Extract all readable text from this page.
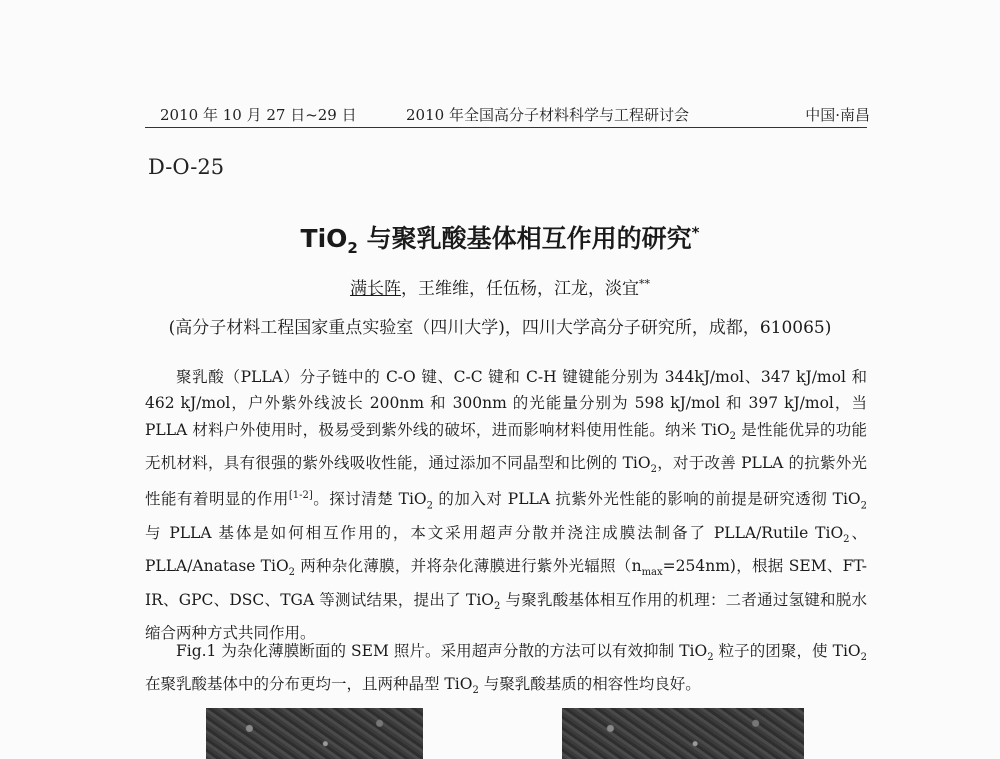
2010 年 10 月 27 日~29 日	2010 年全国高分子材料科学与工程研讨会	中国·南昌
D-O-25
TiO$_2$ 与聚乳酸基体相互作用的研究*
满长阵，王维维，任伍杨，江龙，淡宜**
(高分子材料工程国家重点实验室（四川大学)，四川大学高分子研究所，成都，610065)

聚乳酸（PLLA）分子链中的 C-O 键、C-C 键和 C-H 键键能分别为 344kJ/mol、347 kJ/mol 和 462 kJ/mol，户外紫外线波长 200nm 和 300nm 的光能量分别为 598 kJ/mol 和 397 kJ/mol，当 PLLA 材料户外使用时，极易受到紫外线的破坏，进而影响材料使用性能。纳米 TiO$_2$ 是性能优异的功能无机材料，具有很强的紫外线吸收性能，通过添加不同晶型和比例的 TiO$_2$，对于改善 PLLA 的抗紫外光性能有着明显的作用[1-2]。探讨清楚 TiO$_2$ 的加入对 PLLA 抗紫外光性能的影响的前提是研究透彻 TiO$_2$ 与 PLLA 基体是如何相互作用的，本文采用超声分散并浇注成膜法制备了 PLLA/Rutile TiO$_2$、PLLA/Anatase TiO$_2$ 两种杂化薄膜，并将杂化薄膜进行紫外光辐照$(n_{max}=254nm)$，根据 SEM、FT-IR、GPC、DSC、TGA 等测试结果，提出了 TiO$_2$ 与聚乳酸基体相互作用的机理：二者通过氢键和脱水缩合两种方式共同作用。

Fig.1 为杂化薄膜断面的 SEM 照片。采用超声分散的方法可以有效抑制 TiO$_2$ 粒子的团聚，使 TiO$_2$ 在聚乳酸基体中的分布更均一，且两种晶型 TiO$_2$ 与聚乳酸基质的相容性均良好。
